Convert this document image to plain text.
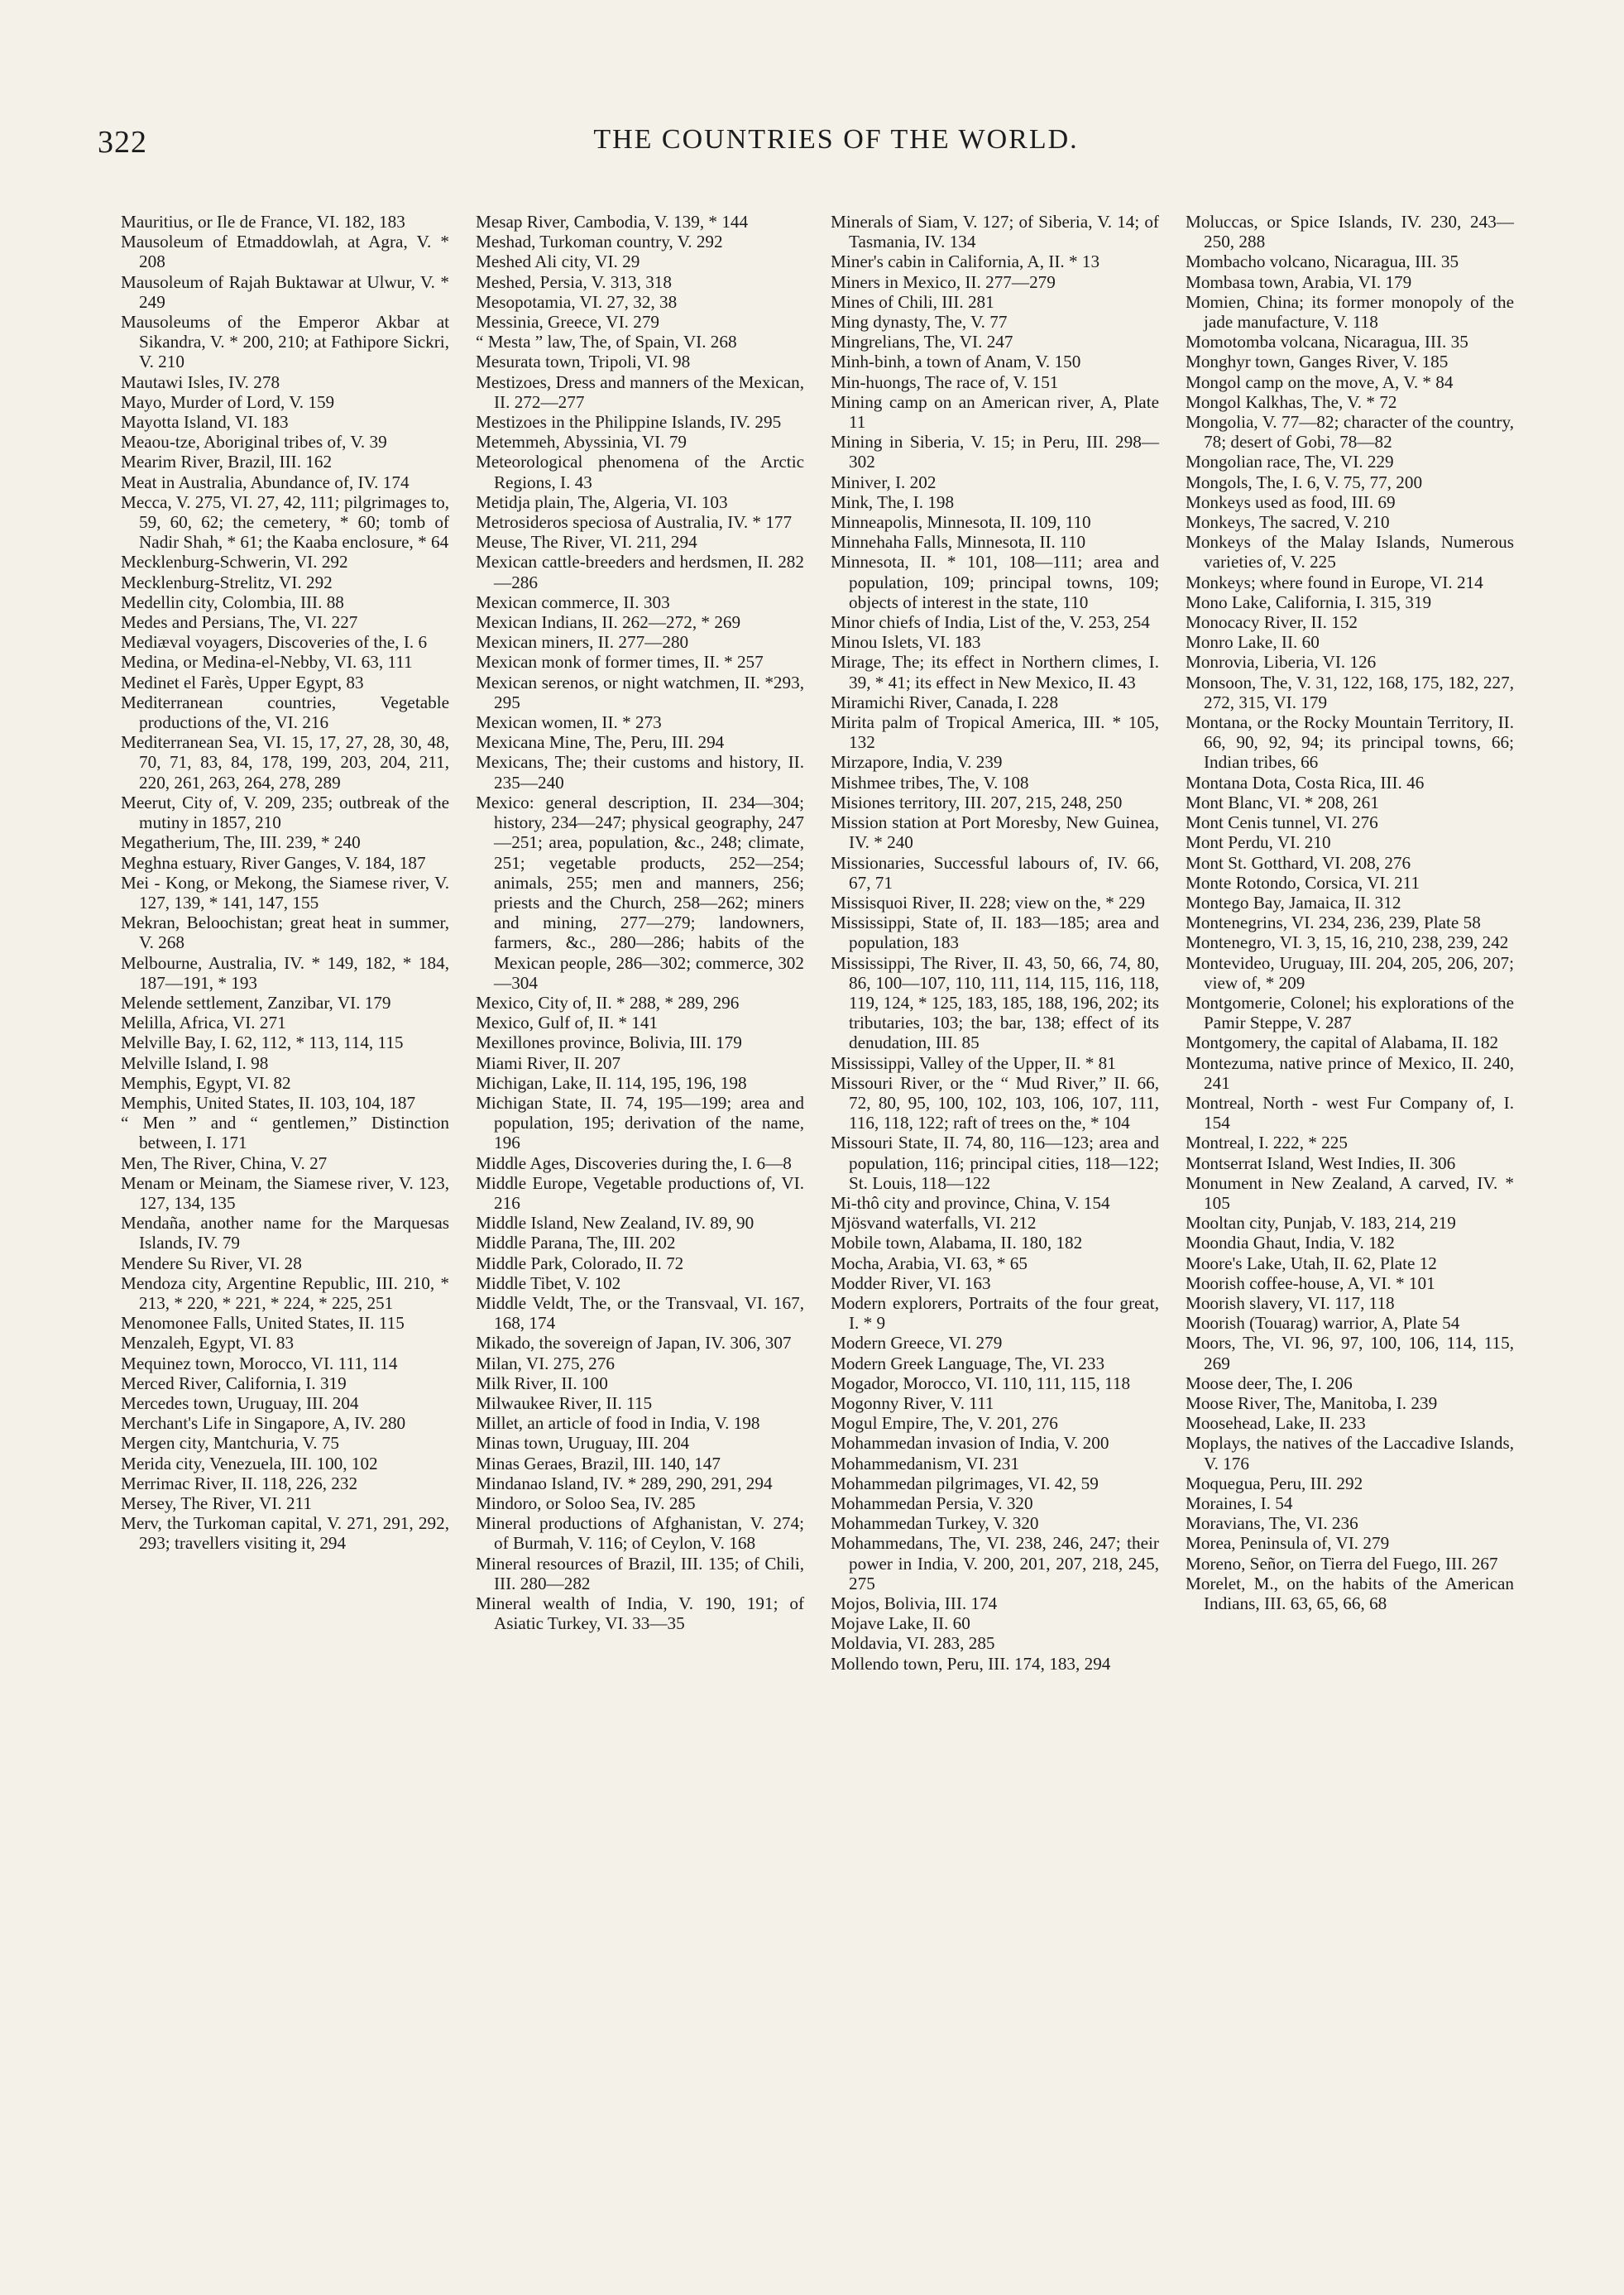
322	THE COUNTRIES OF THE WORLD.

Mauritius, or Ile de France, VI. 182, 183

Mausoleum of Etmaddowlah, at Agra, V. * 208

Mausoleum of Rajah Buktawar at Ulwur, V. * 249

Mausoleums of the Emperor Akbar at Sikandra, V. * 200, 210; at Fathipore Sickri, V. 210

Mautawi Isles, IV. 278

Mayo, Murder of Lord, V. 159

Mayotta Island, VI. 183

Meaou-tze, Aboriginal tribes of, V. 39

Mearim River, Brazil, III. 162

Meat in Australia, Abundance of, IV. 174

Mecca, V. 275, VI. 27, 42, 111; pilgrimages to, 59, 60, 62; the cemetery, * 60; tomb of Nadir Shah, * 61; the Kaaba enclosure, * 64

Mecklenburg-Schwerin, VI. 292

Mecklenburg-Strelitz, VI. 292

Medellin city, Colombia, III. 88

Medes and Persians, The, VI. 227

Mediæval voyagers, Discoveries of the, I. 6

Medina, or Medina-el-Nebby, VI. 63, 111

Medinet el Farès, Upper Egypt, 83

Mediterranean countries, Vegetable productions of the, VI. 216

Mediterranean Sea, VI. 15, 17, 27, 28, 30, 48, 70, 71, 83, 84, 178, 199, 203, 204, 211, 220, 261, 263, 264, 278, 289

Meerut, City of, V. 209, 235; outbreak of the mutiny in 1857, 210

Megatherium, The, III. 239, * 240

Meghna estuary, River Ganges, V. 184, 187

Mei - Kong, or Mekong, the Siamese river, V. 127, 139, * 141, 147, 155

Mekran, Beloochistan; great heat in summer, V. 268

Melbourne, Australia, IV. * 149, 182, * 184, 187—191, * 193

Melende settlement, Zanzibar, VI. 179

Melilla, Africa, VI. 271

Melville Bay, I. 62, 112, * 113, 114, 115

Melville Island, I. 98

Memphis, Egypt, VI. 82

Memphis, United States, II. 103, 104, 187

“ Men ” and “ gentlemen,” Distinction between, I. 171

Men, The River, China, V. 27

Menam or Meinam, the Siamese river, V. 123, 127, 134, 135

Mendaña, another name for the Marquesas Islands, IV. 79

Mendere Su River, VI. 28

Mendoza city, Argentine Republic, III. 210, * 213, * 220, * 221, * 224, * 225, 251

Menomonee Falls, United States, II. 115

Menzaleh, Egypt, VI. 83

Mequinez town, Morocco, VI. 111, 114

Merced River, California, I. 319

Mercedes town, Uruguay, III. 204

Merchant's Life in Singapore, A, IV. 280

Mergen city, Mantchuria, V. 75

Merida city, Venezuela, III. 100, 102

Merrimac River, II. 118, 226, 232

Mersey, The River, VI. 211

Merv, the Turkoman capital, V. 271, 291, 292, 293; travellers visiting it, 294

Mesap River, Cambodia, V. 139, * 144

Meshad, Turkoman country, V. 292

Meshed Ali city, VI. 29

Meshed, Persia, V. 313, 318

Mesopotamia, VI. 27, 32, 38

Messinia, Greece, VI. 279

“ Mesta ” law, The, of Spain, VI. 268

Mesurata town, Tripoli, VI. 98

Mestizoes, Dress and manners of the Mexican, II. 272—277

Mestizoes in the Philippine Islands, IV. 295

Metemmeh, Abyssinia, VI. 79

Meteorological phenomena of the Arctic Regions, I. 43

Metidja plain, The, Algeria, VI. 103

Metrosideros speciosa of Australia, IV. * 177

Meuse, The River, VI. 211, 294

Mexican cattle-breeders and herdsmen, II. 282—286

Mexican commerce, II. 303

Mexican Indians, II. 262—272, * 269

Mexican miners, II. 277—280

Mexican monk of former times, II. * 257

Mexican serenos, or night watchmen, II. *293, 295

Mexican women, II. * 273

Mexicana Mine, The, Peru, III. 294

Mexicans, The; their customs and history, II. 235—240

Mexico: general description, II. 234—304; history, 234—247; physical geography, 247—251; area, population, &c., 248; climate, 251; vegetable products, 252—254; animals, 255; men and manners, 256; priests and the Church, 258—262; miners and mining, 277—279; landowners, farmers, &c., 280—286; habits of the Mexican people, 286—302; commerce, 302—304

Mexico, City of, II. * 288, * 289, 296

Mexico, Gulf of, II. * 141

Mexillones province, Bolivia, III. 179

Miami River, II. 207

Michigan, Lake, II. 114, 195, 196, 198

Michigan State, II. 74, 195—199; area and population, 195; derivation of the name, 196

Middle Ages, Discoveries during the, I. 6—8

Middle Europe, Vegetable productions of, VI. 216

Middle Island, New Zealand, IV. 89, 90

Middle Parana, The, III. 202

Middle Park, Colorado, II. 72

Middle Tibet, V. 102

Middle Veldt, The, or the Transvaal, VI. 167, 168, 174

Mikado, the sovereign of Japan, IV. 306, 307

Milan, VI. 275, 276

Milk River, II. 100

Milwaukee River, II. 115

Millet, an article of food in India, V. 198

Minas town, Uruguay, III. 204

Minas Geraes, Brazil, III. 140, 147

Mindanao Island, IV. * 289, 290, 291, 294

Mindoro, or Soloo Sea, IV. 285

Mineral productions of Afghanistan, V. 274; of Burmah, V. 116; of Ceylon, V. 168

Mineral resources of Brazil, III. 135; of Chili, III. 280—282

Mineral wealth of India, V. 190, 191; of Asiatic Turkey, VI. 33—35

Minerals of Siam, V. 127; of Siberia, V. 14; of Tasmania, IV. 134

Miner's cabin in California, A, II. * 13

Miners in Mexico, II. 277—279

Mines of Chili, III. 281

Ming dynasty, The, V. 77

Mingrelians, The, VI. 247

Minh-binh, a town of Anam, V. 150

Min-huongs, The race of, V. 151

Mining camp on an American river, A, Plate 11

Mining in Siberia, V. 15; in Peru, III. 298—302

Miniver, I. 202

Mink, The, I. 198

Minneapolis, Minnesota, II. 109, 110

Minnehaha Falls, Minnesota, II. 110

Minnesota, II. * 101, 108—111; area and population, 109; principal towns, 109; objects of interest in the state, 110

Minor chiefs of India, List of the, V. 253, 254

Minou Islets, VI. 183

Mirage, The; its effect in Northern climes, I. 39, * 41; its effect in New Mexico, II. 43

Miramichi River, Canada, I. 228

Mirita palm of Tropical America, III. * 105, 132

Mirzapore, India, V. 239

Mishmee tribes, The, V. 108

Misiones territory, III. 207, 215, 248, 250

Mission station at Port Moresby, New Guinea, IV. * 240

Missionaries, Successful labours of, IV. 66, 67, 71

Missisquoi River, II. 228; view on the, * 229

Mississippi, State of, II. 183—185; area and population, 183

Mississippi, The River, II. 43, 50, 66, 74, 80, 86, 100—107, 110, 111, 114, 115, 116, 118, 119, 124, * 125, 183, 185, 188, 196, 202; its tributaries, 103; the bar, 138; effect of its denudation, III. 85

Mississippi, Valley of the Upper, II. * 81

Missouri River, or the “ Mud River,” II. 66, 72, 80, 95, 100, 102, 103, 106, 107, 111, 116, 118, 122; raft of trees on the, * 104

Missouri State, II. 74, 80, 116—123; area and population, 116; principal cities, 118—122; St. Louis, 118—122

Mi-thô city and province, China, V. 154

Mjösvand waterfalls, VI. 212

Mobile town, Alabama, II. 180, 182

Mocha, Arabia, VI. 63, * 65

Modder River, VI. 163

Modern explorers, Portraits of the four great, I. * 9

Modern Greece, VI. 279

Modern Greek Language, The, VI. 233

Mogador, Morocco, VI. 110, 111, 115, 118

Mogonny River, V. 111

Mogul Empire, The, V. 201, 276

Mohammedan invasion of India, V. 200

Mohammedanism, VI. 231

Mohammedan pilgrimages, VI. 42, 59

Mohammedan Persia, V. 320

Mohammedan Turkey, V. 320

Mohammedans, The, VI. 238, 246, 247; their power in India, V. 200, 201, 207, 218, 245, 275

Mojos, Bolivia, III. 174

Mojave Lake, II. 60

Moldavia, VI. 283, 285

Mollendo town, Peru, III. 174, 183, 294

Moluccas, or Spice Islands, IV. 230, 243—250, 288

Mombacho volcano, Nicaragua, III. 35

Mombasa town, Arabia, VI. 179

Momien, China; its former monopoly of the jade manufacture, V. 118

Momotomba volcana, Nicaragua, III. 35

Monghyr town, Ganges River, V. 185

Mongol camp on the move, A, V. * 84

Mongol Kalkhas, The, V. * 72

Mongolia, V. 77—82; character of the country, 78; desert of Gobi, 78—82

Mongolian race, The, VI. 229

Mongols, The, I. 6, V. 75, 77, 200

Monkeys used as food, III. 69

Monkeys, The sacred, V. 210

Monkeys of the Malay Islands, Numerous varieties of, V. 225

Monkeys; where found in Europe, VI. 214

Mono Lake, California, I. 315, 319

Monocacy River, II. 152

Monro Lake, II. 60

Monrovia, Liberia, VI. 126

Monsoon, The, V. 31, 122, 168, 175, 182, 227, 272, 315, VI. 179

Montana, or the Rocky Mountain Territory, II. 66, 90, 92, 94; its principal towns, 66; Indian tribes, 66

Montana Dota, Costa Rica, III. 46

Mont Blanc, VI. * 208, 261

Mont Cenis tunnel, VI. 276

Mont Perdu, VI. 210

Mont St. Gotthard, VI. 208, 276

Monte Rotondo, Corsica, VI. 211

Montego Bay, Jamaica, II. 312

Montenegrins, VI. 234, 236, 239, Plate 58

Montenegro, VI. 3, 15, 16, 210, 238, 239, 242

Montevideo, Uruguay, III. 204, 205, 206, 207; view of, * 209

Montgomerie, Colonel; his explorations of the Pamir Steppe, V. 287

Montgomery, the capital of Alabama, II. 182

Montezuma, native prince of Mexico, II. 240, 241

Montreal, North - west Fur Company of, I. 154

Montreal, I. 222, * 225

Montserrat Island, West Indies, II. 306

Monument in New Zealand, A carved, IV. * 105

Mooltan city, Punjab, V. 183, 214, 219

Moondia Ghaut, India, V. 182

Moore's Lake, Utah, II. 62, Plate 12

Moorish coffee-house, A, VI. * 101

Moorish slavery, VI. 117, 118

Moorish (Touarag) warrior, A, Plate 54

Moors, The, VI. 96, 97, 100, 106, 114, 115, 269

Moose deer, The, I. 206

Moose River, The, Manitoba, I. 239

Moosehead, Lake, II. 233

Moplays, the natives of the Laccadive Islands, V. 176

Moquegua, Peru, III. 292

Moraines, I. 54

Moravians, The, VI. 236

Morea, Peninsula of, VI. 279

Moreno, Señor, on Tierra del Fuego, III. 267

Morelet, M., on the habits of the American Indians, III. 63, 65, 66, 68
